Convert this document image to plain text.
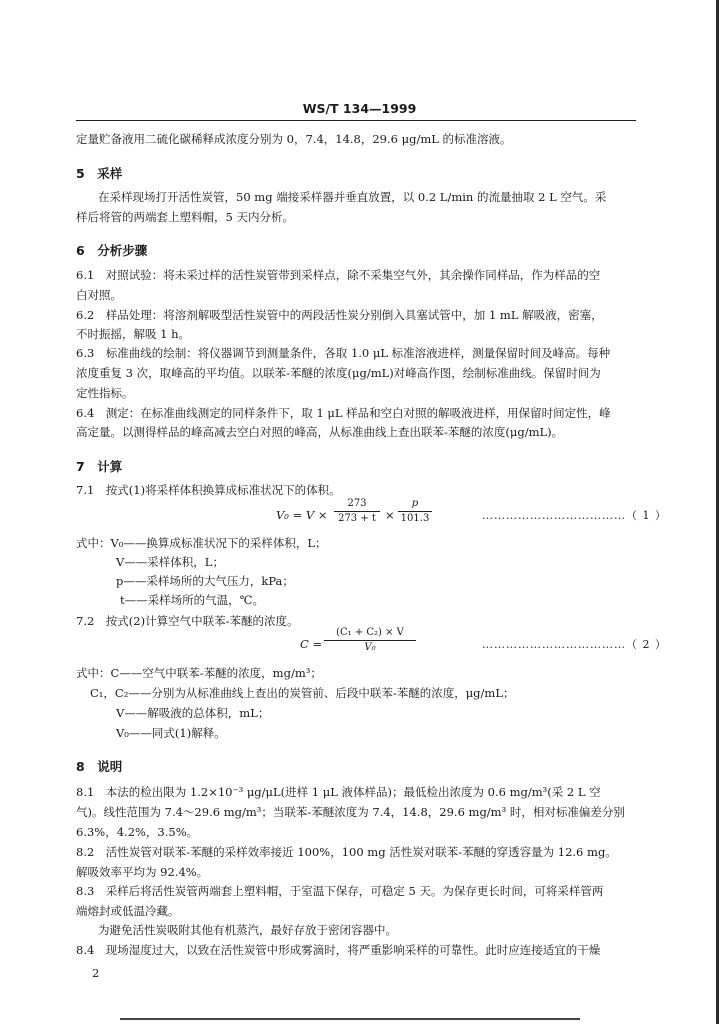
WS/T 134—1999
定量贮备液用二硫化碳稀释成浓度分别为 0，7.4，14.8，29.6 μg/mL 的标准溶液。
5　采样
在采样现场打开活性炭管，50 mg 端接采样器并垂直放置，以 0.2 L/min 的流量抽取 2 L 空气。采
样后将管的两端套上塑料帽，5 天内分析。
6　分析步骤
6.1　对照试验：将未采过样的活性炭管带到采样点，除不采集空气外，其余操作同样品，作为样品的空
白对照。
6.2　样品处理：将溶剂解吸型活性炭管中的两段活性炭分别倒入具塞试管中，加 1 mL 解吸液，密塞，
不时振摇，解吸 1 h。
6.3　标准曲线的绘制：将仪器调节到测量条件，各取 1.0 μL 标准溶液进样，测量保留时间及峰高。每种
浓度重复 3 次，取峰高的平均值。以联苯-苯醚的浓度(μg/mL)对峰高作图，绘制标准曲线。保留时间为
定性指标。
6.4　测定：在标准曲线测定的同样条件下，取 1 μL 样品和空白对照的解吸液进样，用保留时间定性，峰
高定量。以测得样品的峰高减去空白对照的峰高，从标准曲线上查出联苯-苯醚的浓度(μg/mL)。
7　计算
7.1　按式(1)将采样体积换算成标准状况下的体积。
V₀ = V ×
273
273 + t ×
p
101.3	………………………………（ 1 ）
式中：V₀——换算成标准状况下的采样体积，L；
V——采样体积，L；
p——采样场所的大气压力，kPa；
t——采样场所的气温，℃。
7.2　按式(2)计算空气中联苯-苯醚的浓度。
C =
(C₁ + C₂) × V
V₀	………………………………（ 2 ）
式中：C——空气中联苯-苯醚的浓度，mg/m³；
C₁，C₂——分别为从标准曲线上查出的炭管前、后段中联苯-苯醚的浓度，μg/mL；
V——解吸液的总体积，mL；
V₀——同式(1)解释。
8　说明
8.1　本法的检出限为 1.2×10⁻³ μg/μL(进样 1 μL 液体样品)；最低检出浓度为 0.6 mg/m³(采 2 L 空
气)。线性范围为 7.4～29.6 mg/m³；当联苯-苯醚浓度为 7.4，14.8，29.6 mg/m³ 时，相对标准偏差分别
6.3%，4.2%，3.5%。
8.2　活性炭管对联苯-苯醚的采样效率接近 100%，100 mg 活性炭对联苯-苯醚的穿透容量为 12.6 mg。
解吸效率平均为 92.4%。
8.3　采样后将活性炭管两端套上塑料帽，于室温下保存，可稳定 5 天。为保存更长时间，可将采样管两
端熔封或低温冷藏。
为避免活性炭吸附其他有机蒸汽，最好存放于密闭容器中。
8.4　现场湿度过大，以致在活性炭管中形成雾滴时，将严重影响采样的可靠性。此时应连接适宜的干燥
2
